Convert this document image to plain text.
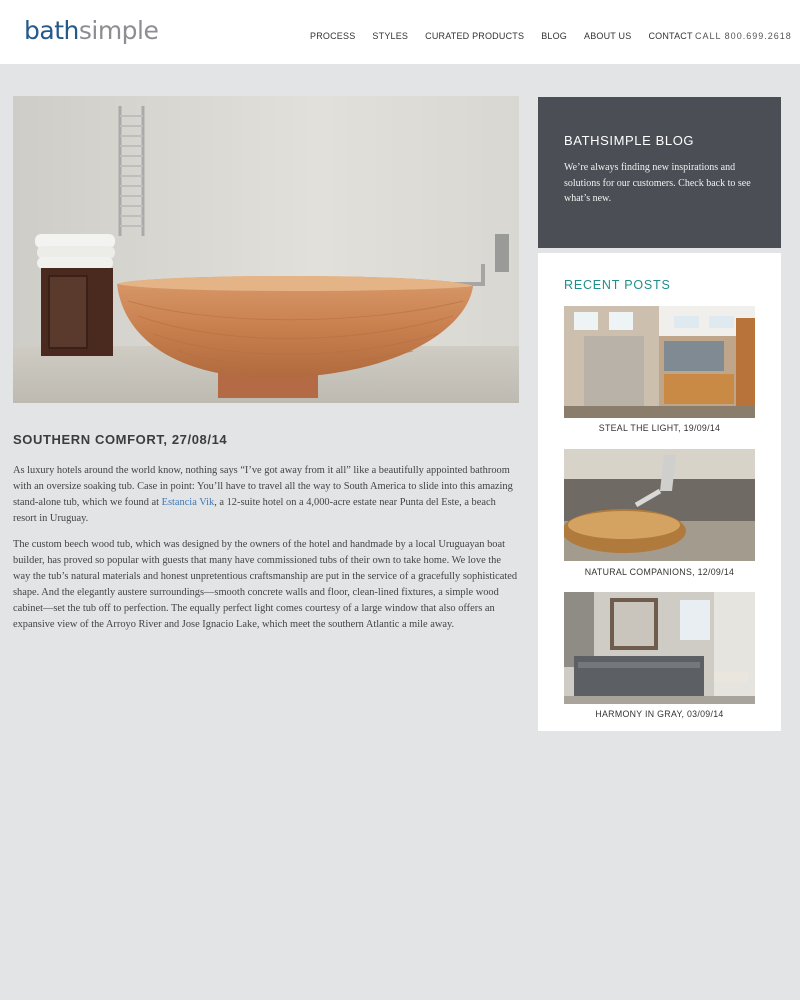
bathsimple	PROCESS STYLES CURATED PRODUCTS BLOG ABOUT US CONTACT CALL 800.699.2618
SOUTHERN COMFORT, 27/08/14

As luxury hotels around the world know, nothing says “I’ve got away from it all” like a beautifully appointed bathroom with an oversize soaking tub. Case in point: You’ll have to travel all the way to South America to slide into this amazing stand-alone tub, which we found at Estancia Vik, a 12-suite hotel on a 4,000-acre estate near Punta del Este, a beach resort in Uruguay.

The custom beech wood tub, which was designed by the owners of the hotel and handmade by a local Uruguayan boat builder, has proved so popular with guests that many have commissioned tubs of their own to take home. We love the way the tub’s natural materials and honest unpretentious craftsmanship are put in the service of a gracefully sophisticated shape. And the elegantly austere surroundings—smooth concrete walls and floor, clean-lined fixtures, a simple wood cabinet—set the tub off to perfection. The equally perfect light comes courtesy of a large window that also offers an expansive view of the Arroyo River and Jose Ignacio Lake, which meet the southern Atlantic a mile away.

BATHSIMPLE BLOG

We’re always finding new inspirations and solutions for our customers. Check back to see what’s new.

RECENT POSTS
STEAL THE LIGHT, 19/09/14
NATURAL COMPANIONS, 12/09/14
HARMONY IN GRAY, 03/09/14
